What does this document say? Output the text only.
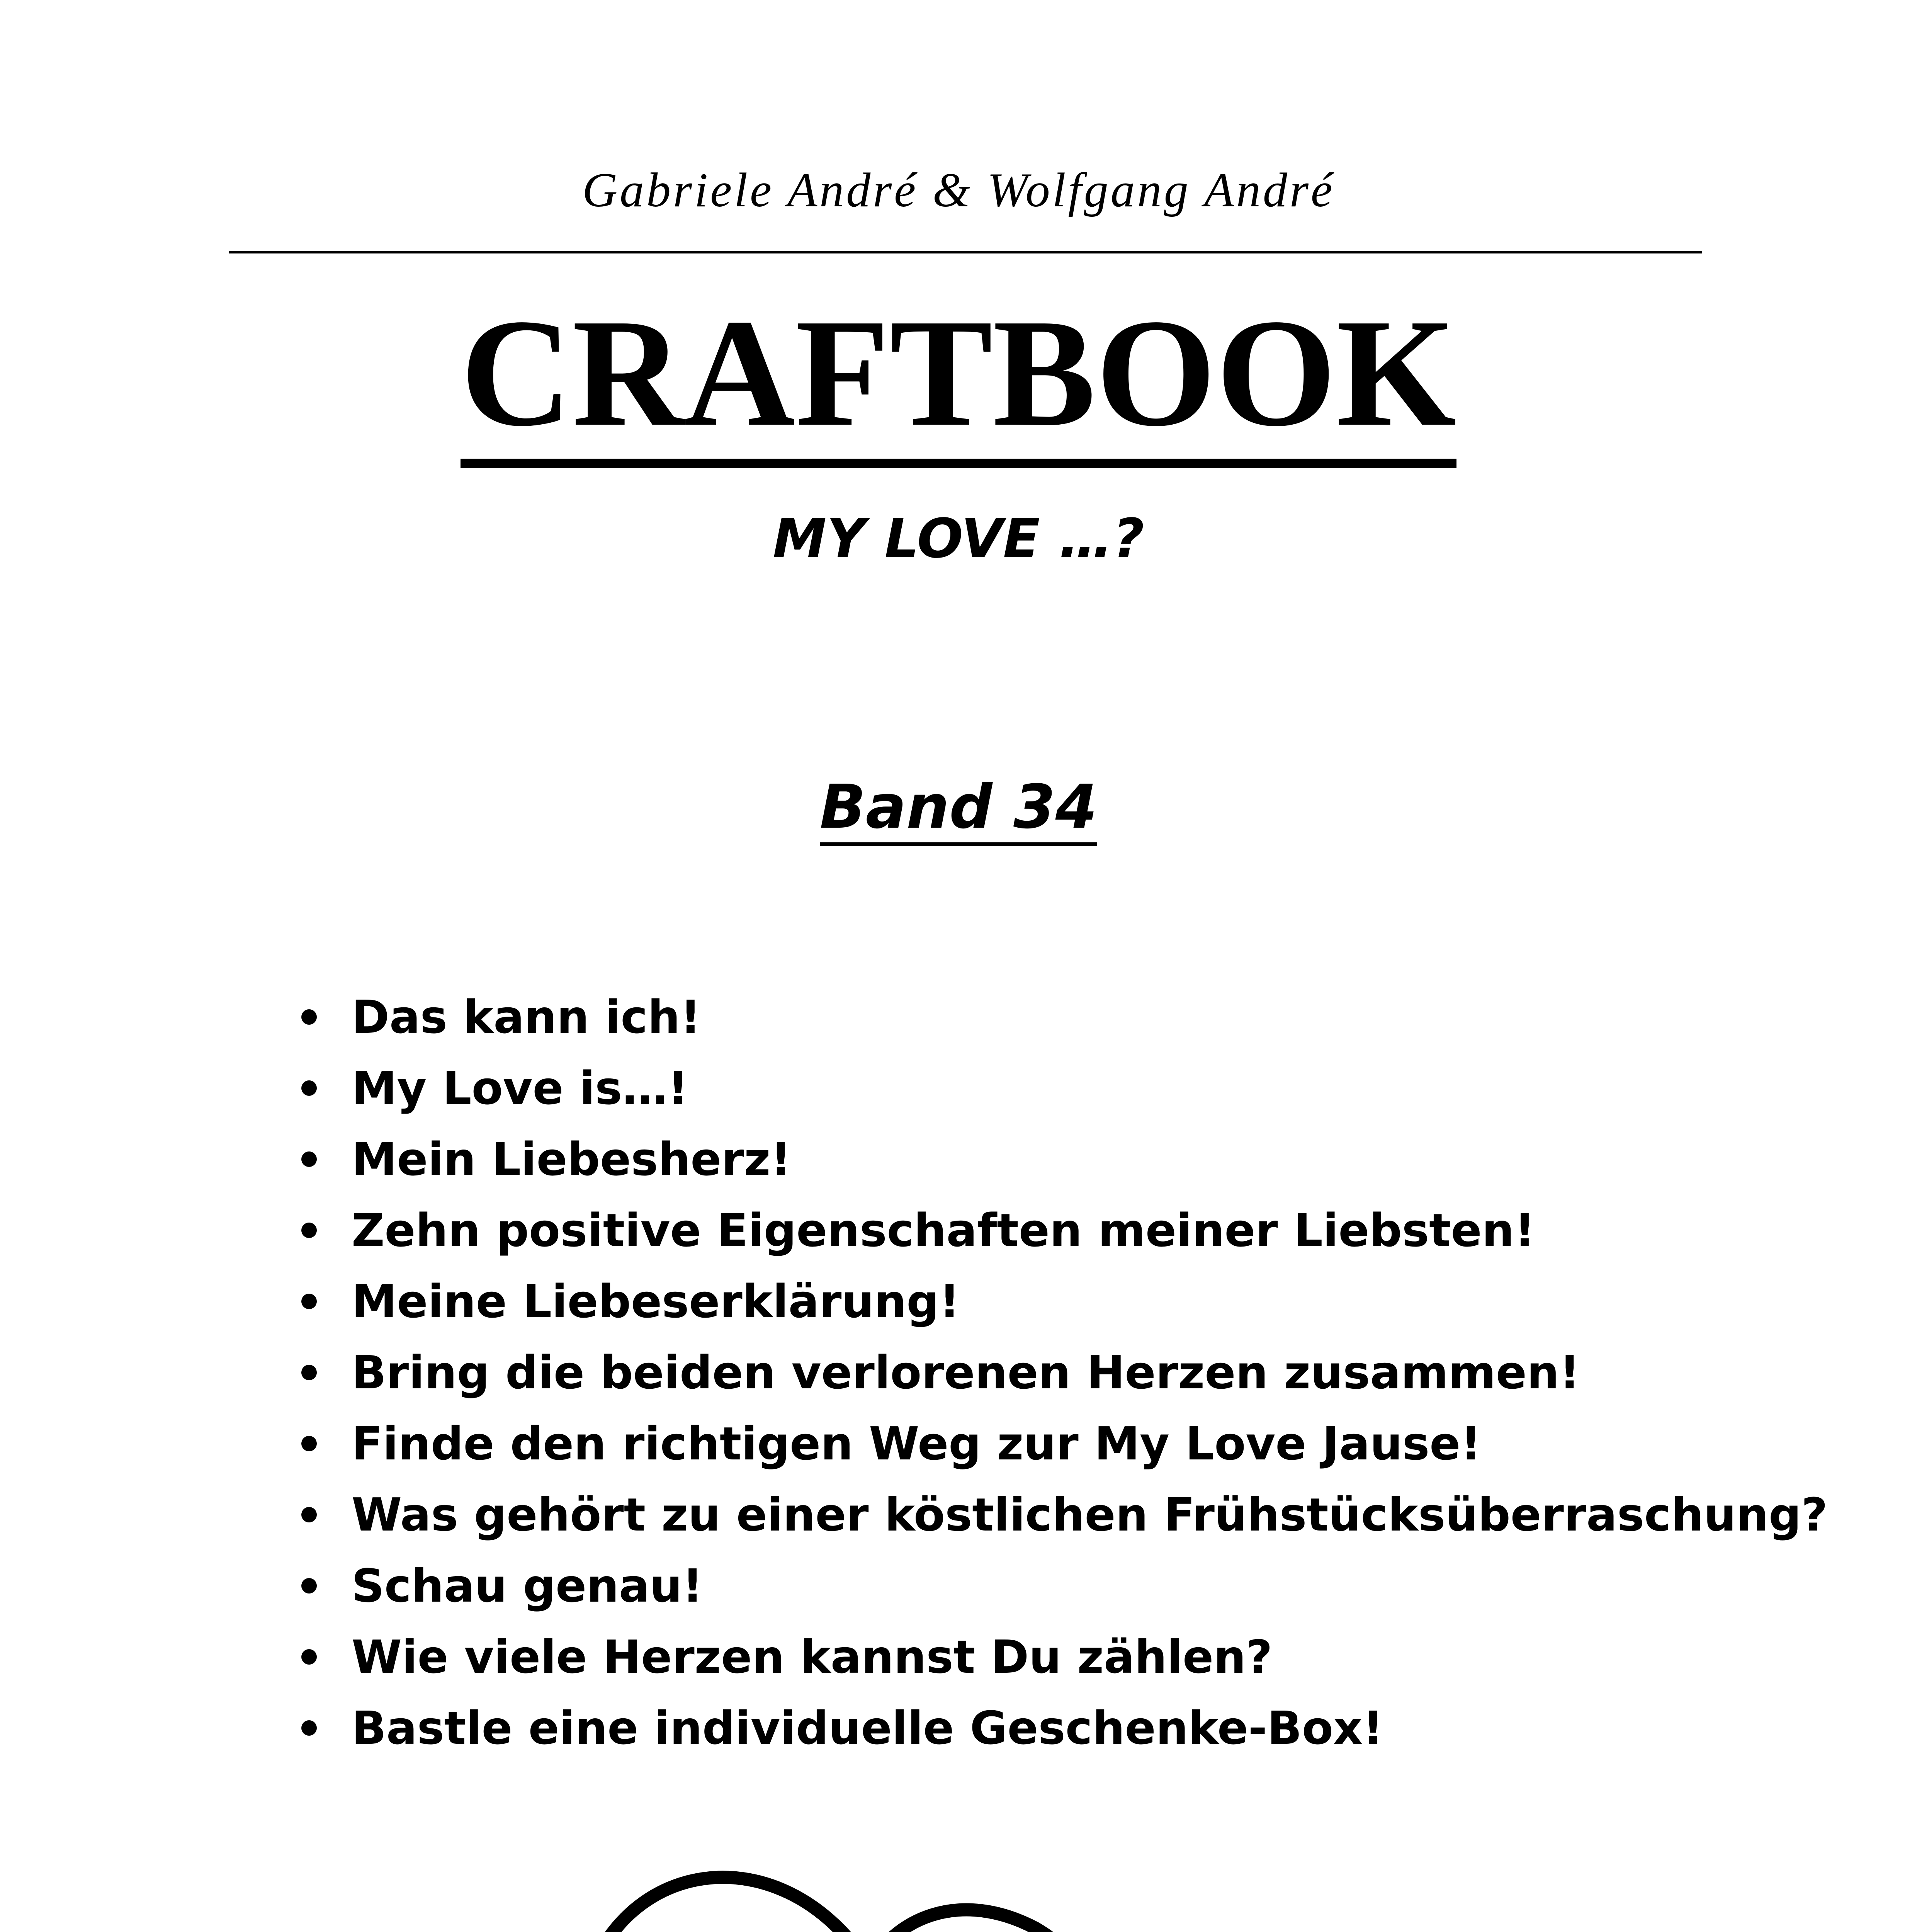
Gabriele André & Wolfgang André
CRAFTBOOK
MY LOVE …?
Band 34
Das kann ich!
My Love is…!
Mein Liebesherz!
Zehn positive Eigenschaften meiner Liebsten!
Meine Liebeserklärung!
Bring die beiden verlorenen Herzen zusammen!
Finde den richtigen Weg zur My Love Jause!
Was gehört zu einer köstlichen Frühstücksüberraschung?
Schau genau!
Wie viele Herzen kannst Du zählen?
Bastle eine individuelle Geschenke-Box!
